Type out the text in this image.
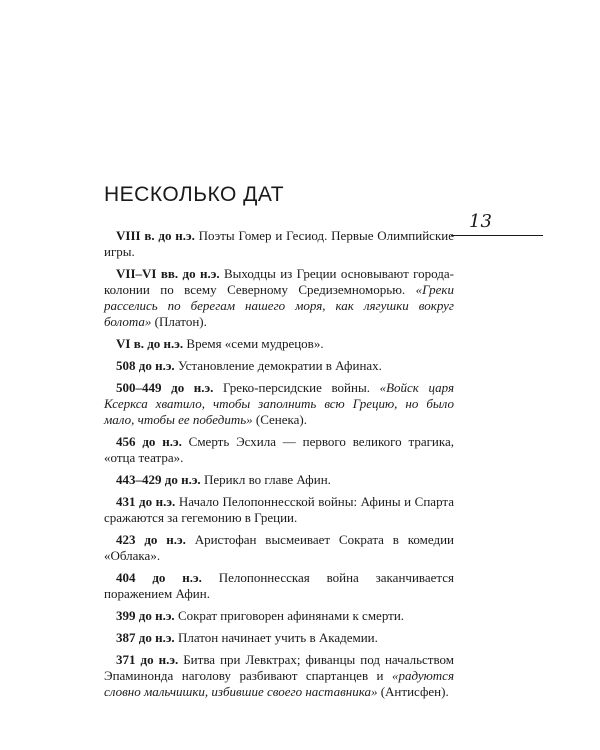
НЕСКОЛЬКО ДАТ
13

VIII в. до н.э. Поэты Гомер и Гесиод. Первые Олимпийские игры.

VII–VI вв. до н.э. Выходцы из Греции основывают города-колонии по всему Северному Средиземноморью. «Греки расселись по берегам нашего моря, как лягушки вокруг болота» (Платон).

VI в. до н.э. Время «семи мудрецов».

508 до н.э. Установление демократии в Афинах.

500–449 до н.э. Греко-персидские войны. «Войск царя Ксеркса хватило, чтобы заполнить всю Грецию, но было мало, чтобы ее победить» (Сенека).

456 до н.э. Смерть Эсхила — первого великого трагика, «отца театра».

443–429 до н.э. Перикл во главе Афин.

431 до н.э. Начало Пелопоннесской войны: Афины и Спарта сражаются за гегемонию в Греции.

423 до н.э. Аристофан высмеивает Сократа в комедии «Облака».

404 до н.э. Пелопоннесская война заканчивается поражением Афин.

399 до н.э. Сократ приговорен афинянами к смерти.

387 до н.э. Платон начинает учить в Академии.

371 до н.э. Битва при Левктрах; фиванцы под начальством Эпаминонда наголову разбивают спартанцев и «радуются словно мальчишки, избившие своего наставника» (Антисфен).
